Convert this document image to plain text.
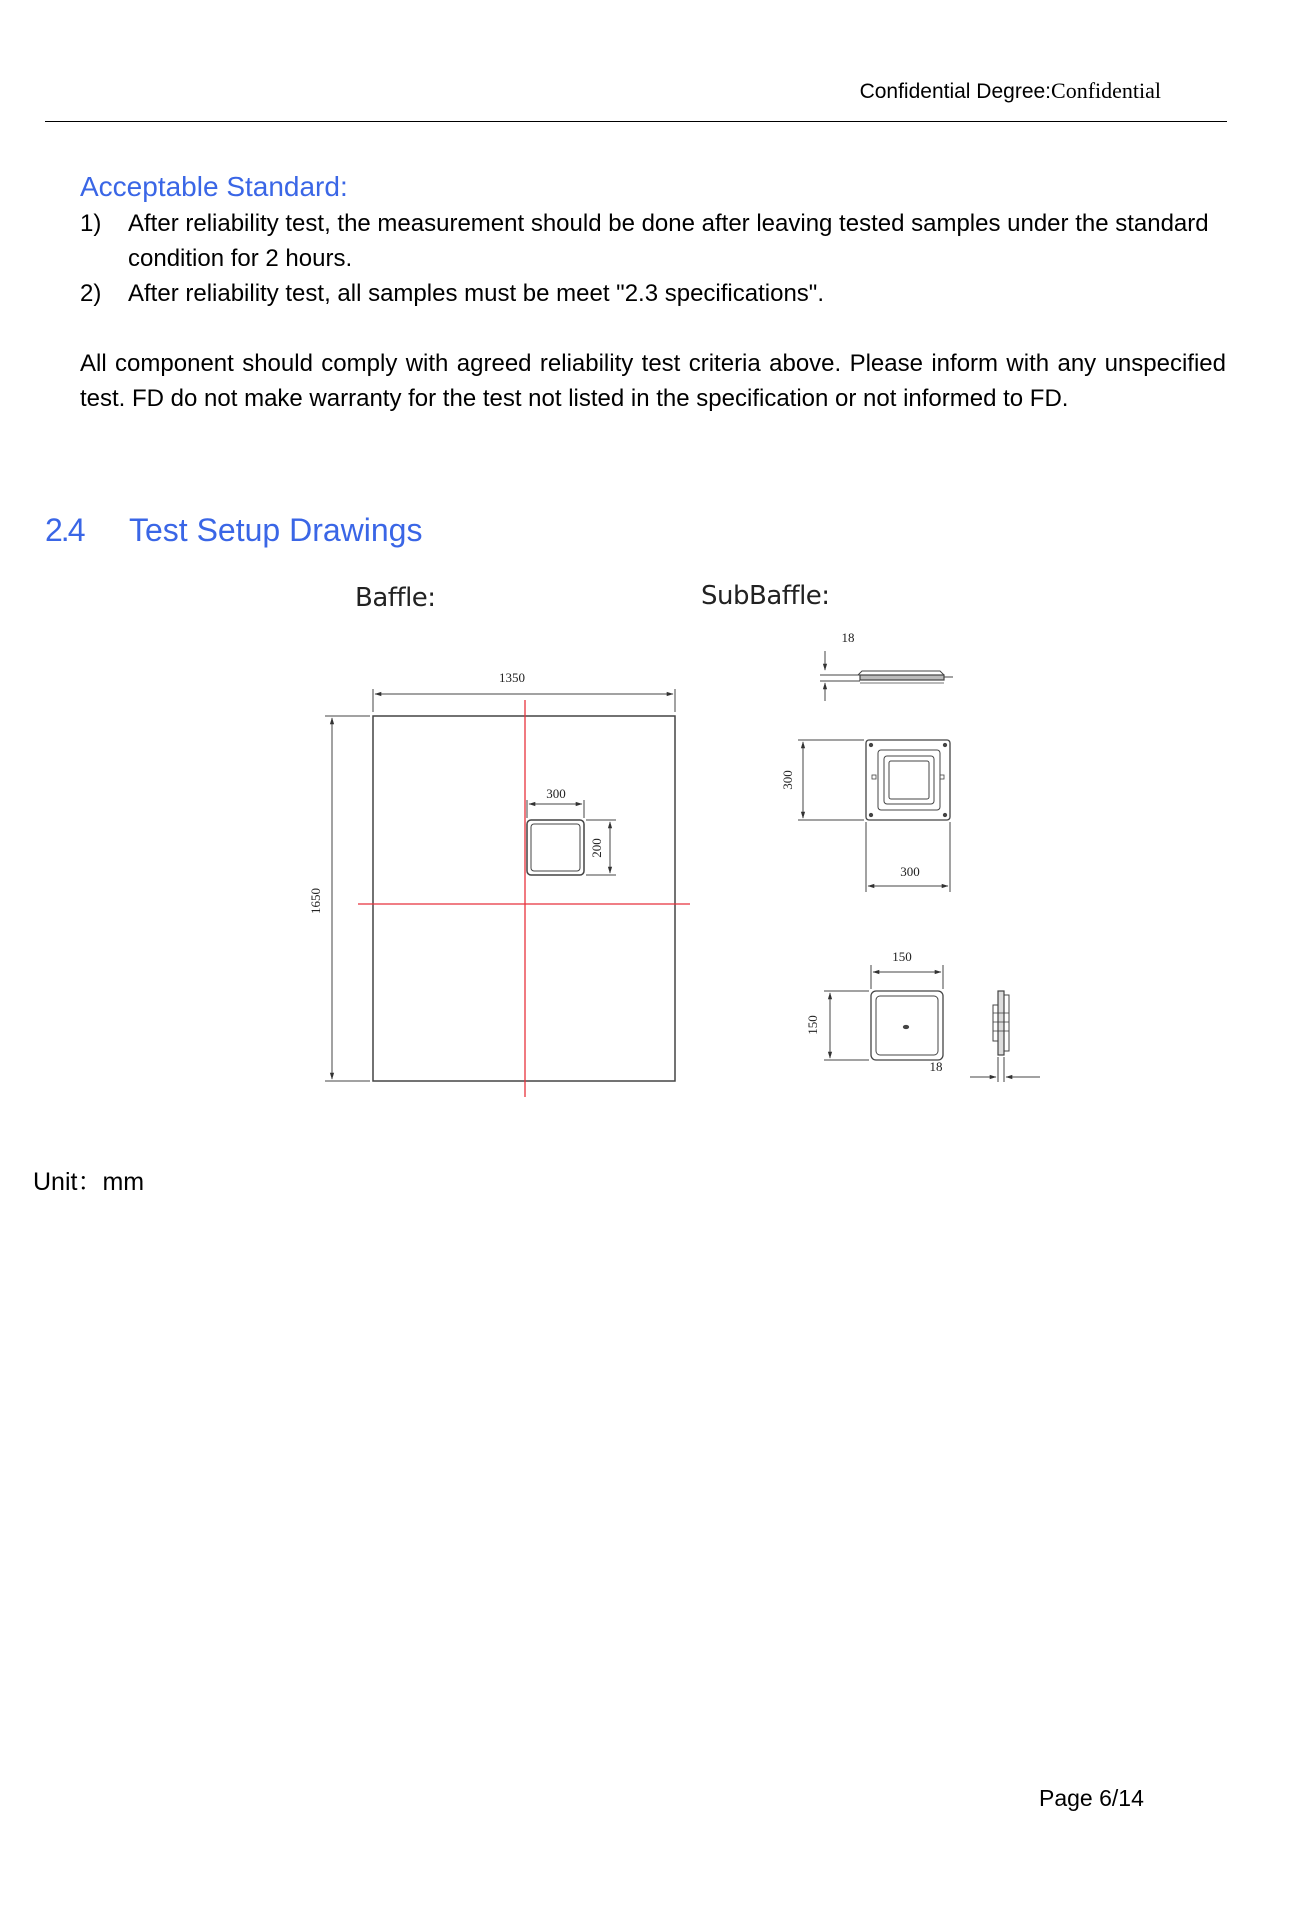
Confidential Degree:Confidential
Acceptable Standard:
1) After reliability test, the measurement should be done after leaving tested samples under the standard condition for 2 hours.
2) After reliability test, all samples must be meet "2.3 specifications".
All component should comply with agreed reliability test criteria above. Please inform with any unspecified test. FD do not make warranty for the test not listed in the specification or not informed to FD.
2.4 Test Setup Drawings
Baffle:	SubBaffle:
1350
1650
300
200
18
300
300
150
150
18
Unit：mm
Page 6/14
